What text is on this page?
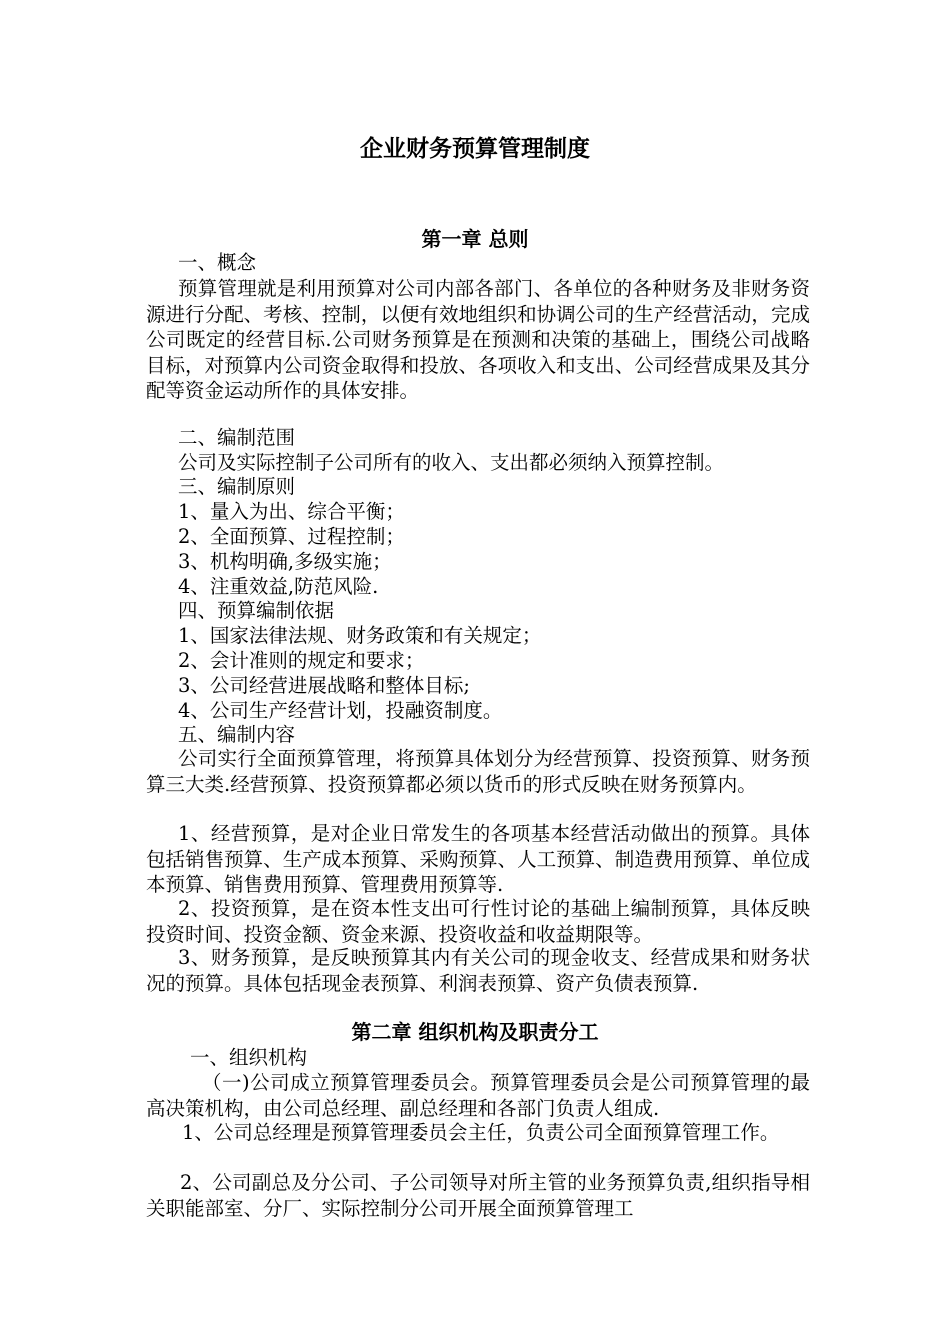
企业财务预算管理制度
第一章 总则
一、概念
预算管理就是利用预算对公司内部各部门、各单位的各种财务及非财务资源进行分配、考核、控制，以便有效地组织和协调公司的生产经营活动，完成公司既定的经营目标.公司财务预算是在预测和决策的基础上，围绕公司战略目标，对预算内公司资金取得和投放、各项收入和支出、公司经营成果及其分配等资金运动所作的具体安排。
二、编制范围
公司及实际控制子公司所有的收入、支出都必须纳入预算控制。
三、编制原则
1、量入为出、综合平衡；
2、全面预算、过程控制；
3、机构明确,多级实施；
4、注重效益,防范风险.
四、预算编制依据
1、国家法律法规、财务政策和有关规定；
2、会计准则的规定和要求；
3、公司经营进展战略和整体目标;
4、公司生产经营计划，投融资制度。
五、编制内容
公司实行全面预算管理，将预算具体划分为经营预算、投资预算、财务预算三大类.经营预算、投资预算都必须以货币的形式反映在财务预算内。
1、经营预算，是对企业日常发生的各项基本经营活动做出的预算。具体包括销售预算、生产成本预算、采购预算、人工预算、制造费用预算、单位成本预算、销售费用预算、管理费用预算等.
2、投资预算，是在资本性支出可行性讨论的基础上编制预算，具体反映投资时间、投资金额、资金来源、投资收益和收益期限等。
3、财务预算，是反映预算其内有关公司的现金收支、经营成果和财务状况的预算。具体包括现金表预算、利润表预算、资产负债表预算.
第二章 组织机构及职责分工
一、组织机构
（一)公司成立预算管理委员会。预算管理委员会是公司预算管理的最高决策机构，由公司总经理、副总经理和各部门负责人组成.
1、公司总经理是预算管理委员会主任，负责公司全面预算管理工作。
2、公司副总及分公司、子公司领导对所主管的业务预算负责,组织指导相关职能部室、分厂、实际控制分公司开展全面预算管理工
